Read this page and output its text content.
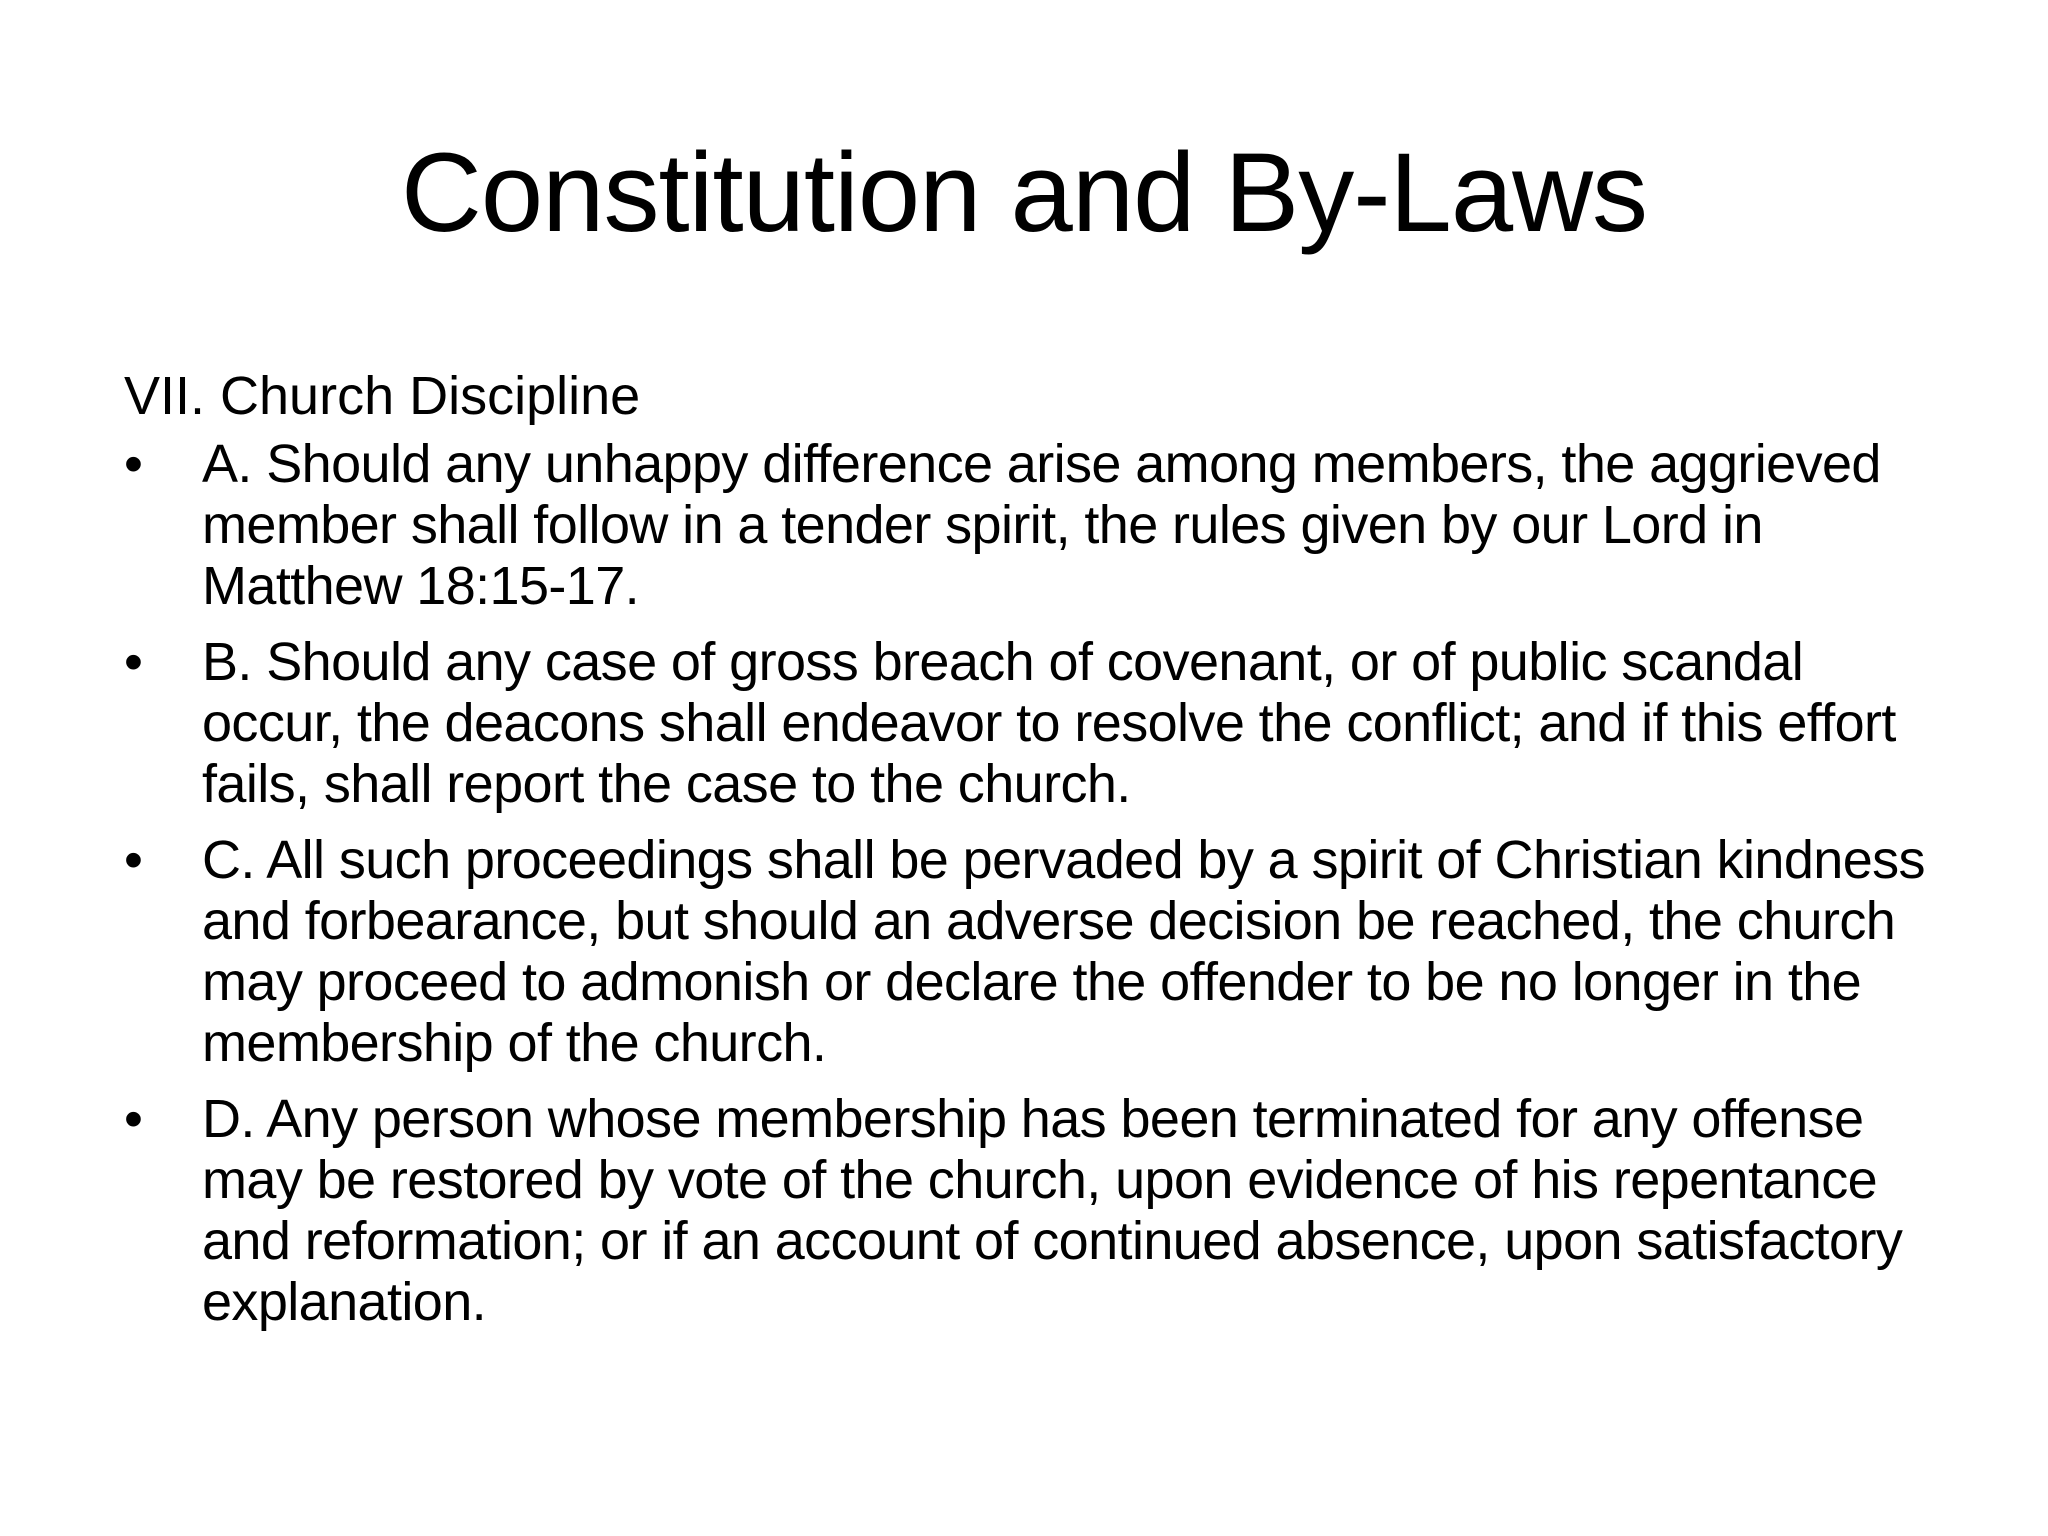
Constitution and By-Laws

VII. Church Discipline

•	A. Should any unhappy difference arise among members, the aggrieved member shall follow in a tender spirit, the rules given by our Lord in Matthew 18:15-17.
•	B. Should any case of gross breach of covenant, or of public scandal occur, the deacons shall endeavor to resolve the conflict; and if this effort fails, shall report the case to the church.
•	C. All such proceedings shall be pervaded by a spirit of Christian kindness and forbearance, but should an adverse decision be reached, the church may proceed to admonish or declare the offender to be no longer in the membership of the church.
•	D. Any person whose membership has been terminated for any offense may be restored by vote of the church, upon evidence of his repentance and reformation; or if an account of continued absence, upon satisfactory explanation.
